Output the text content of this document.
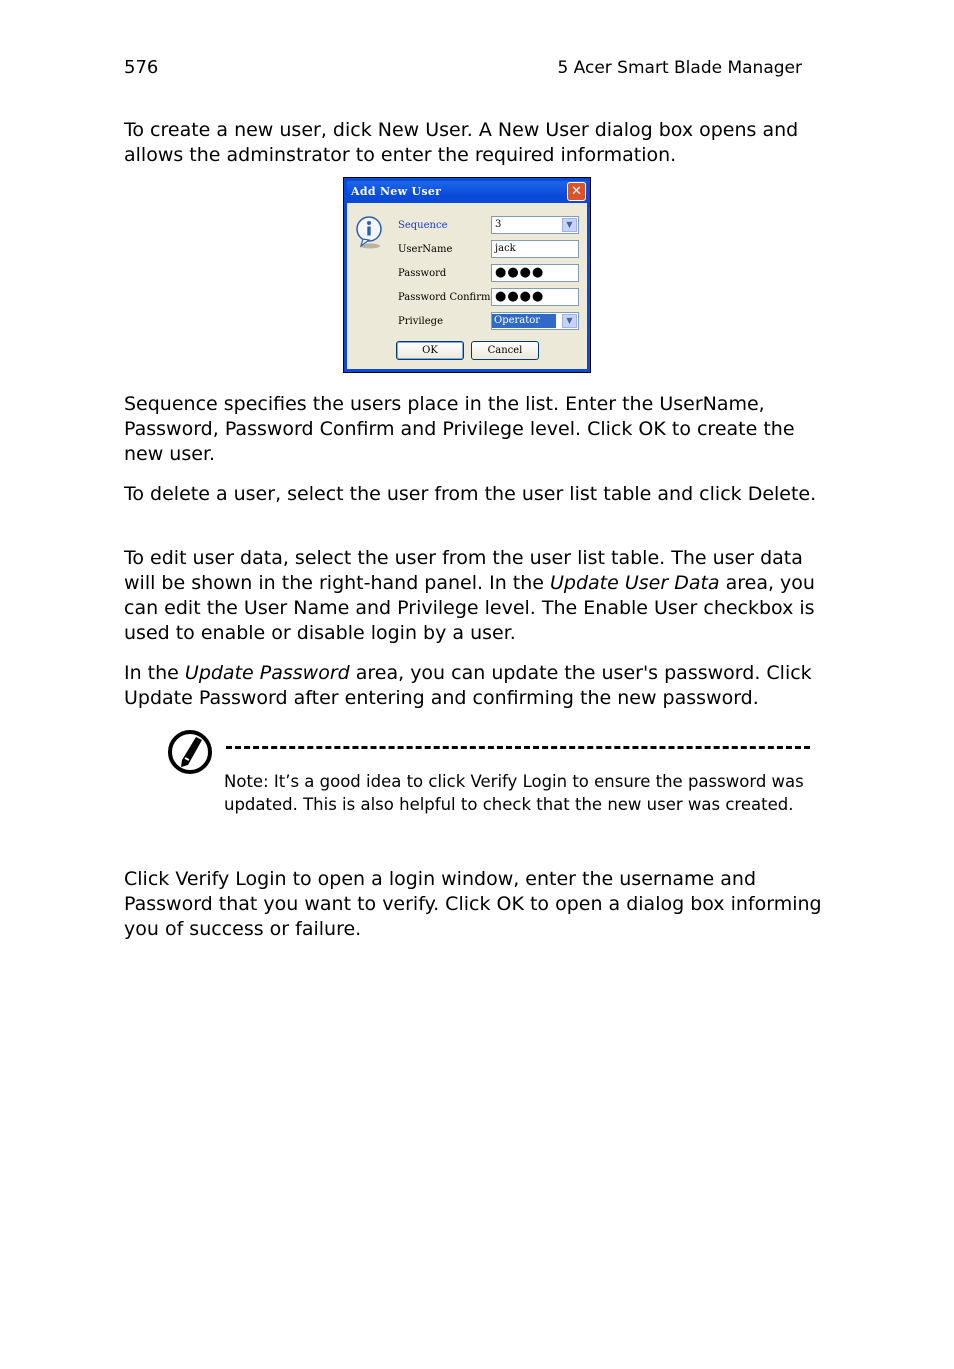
576	5 Acer Smart Blade Manager

To create a new user, dick New User. A New User dialog box opens and allows the adminstrator to enter the required information.

Add New User	✕
Sequence	3	▼
UserName	jack
Password	●●●●
Password Confirm ●●●●
Privilege	Operator	▼
OK	Cancel

Sequence specifies the users place in the list. Enter the UserName, Password, Password Confirm and Privilege level. Click OK to create the new user.

To delete a user, select the user from the user list table and click Delete.

To edit user data, select the user from the user list table. The user data will be shown in the right-hand panel. In the Update User Data area, you can edit the User Name and Privilege level. The Enable User checkbox is used to enable or disable login by a user.

In the Update Password area, you can update the user's password. Click Update Password after entering and confirming the new password.

Note: It’s a good idea to click Verify Login to ensure the password was updated. This is also helpful to check that the new user was created.

Click Verify Login to open a login window, enter the username and Password that you want to verify. Click OK to open a dialog box informing you of success or failure.
